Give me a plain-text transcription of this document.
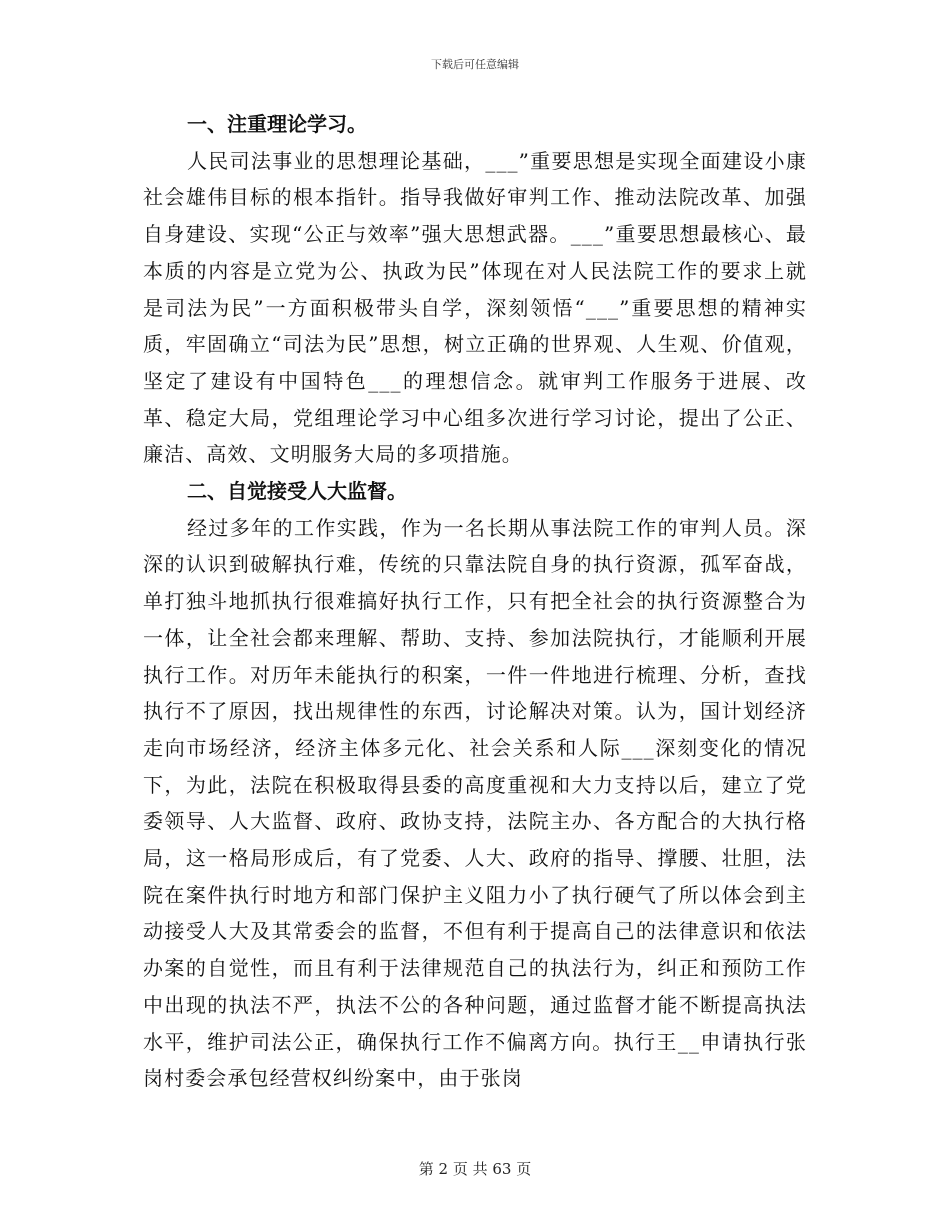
下载后可任意编辑

一、注重理论学习。

人民司法事业的思想理论基础，___”重要思想是实现全面建设小康社会雄伟目标的根本指针。指导我做好审判工作、推动法院改革、加强自身建设、实现“公正与效率”强大思想武器。___”重要思想最核心、最本质的内容是立党为公、执政为民”体现在对人民法院工作的要求上就是司法为民”一方面积极带头自学，深刻领悟“___”重要思想的精神实质，牢固确立“司法为民”思想，树立正确的世界观、人生观、价值观，坚定了建设有中国特色___的理想信念。就审判工作服务于进展、改革、稳定大局，党组理论学习中心组多次进行学习讨论，提出了公正、廉洁、高效、文明服务大局的多项措施。

二、自觉接受人大监督。

经过多年的工作实践，作为一名长期从事法院工作的审判人员。深深的认识到破解执行难，传统的只靠法院自身的执行资源，孤军奋战，单打独斗地抓执行很难搞好执行工作，只有把全社会的执行资源整合为一体，让全社会都来理解、帮助、支持、参加法院执行，才能顺利开展执行工作。对历年未能执行的积案，一件一件地进行梳理、分析，查找执行不了原因，找出规律性的东西，讨论解决对策。认为，国计划经济走向市场经济，经济主体多元化、社会关系和人际___深刻变化的情况下，为此，法院在积极取得县委的高度重视和大力支持以后，建立了党委领导、人大监督、政府、政协支持，法院主办、各方配合的大执行格局，这一格局形成后，有了党委、人大、政府的指导、撑腰、壮胆，法院在案件执行时地方和部门保护主义阻力小了执行硬气了所以体会到主动接受人大及其常委会的监督，不但有利于提高自己的法律意识和依法办案的自觉性，而且有利于法律规范自己的执法行为，纠正和预防工作中出现的执法不严，执法不公的各种问题，通过监督才能不断提高执法水平，维护司法公正，确保执行工作不偏离方向。执行王__申请执行张岗村委会承包经营权纠纷案中，由于张岗

第 2 页 共 63 页
